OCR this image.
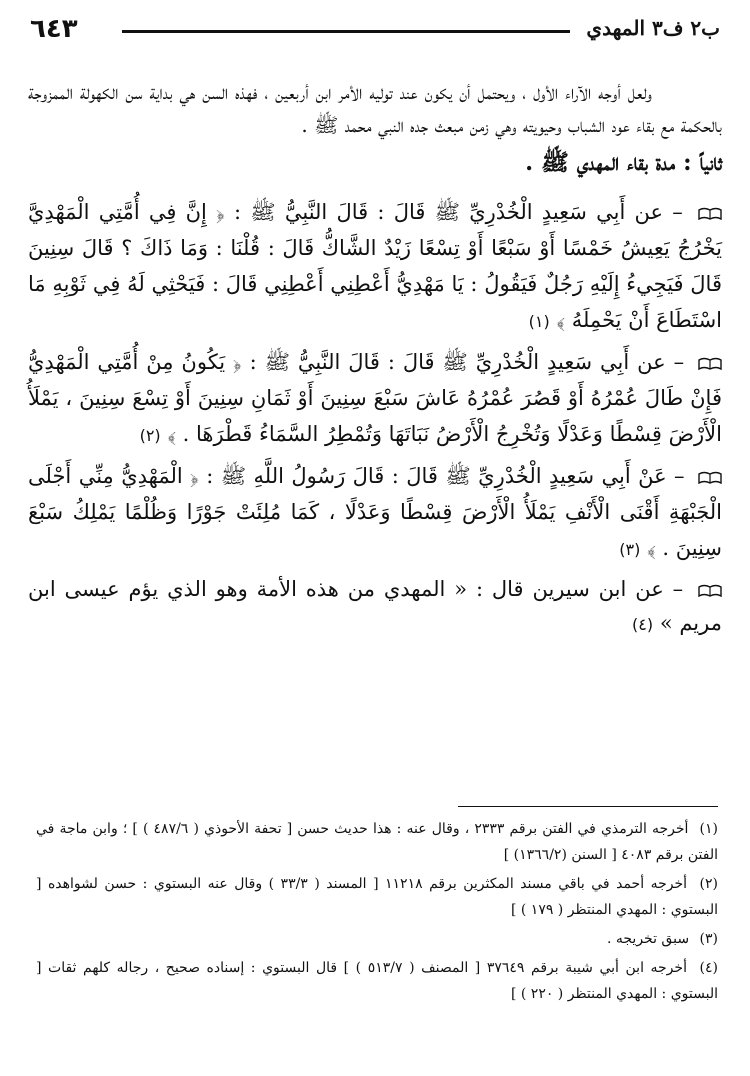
ب٢ ف٣ المهدي
٦٤٣

ولعل أوجه الآراء الأول ، ويحتمل أن يكون عند توليه الأمر ابن أربعين ، فهذه السن هي بداية سن الكهولة الممزوجة بالحكمة مع بقاء عود الشباب وحيويته وهي زمن مبعث جده النبي محمد ﷺ .

ثانياً : مدة بقاء المهدي ﷺ .

– عن أَبِي سَعِيدٍ الْخُدْرِيِّ ﷺ قَالَ : قَالَ النَّبِيُّ ﷺ : ﴿ إِنَّ فِي أُمَّتِي الْمَهْدِيَّ يَخْرُجُ يَعِيشُ خَمْسًا أَوْ سَبْعًا أَوْ تِسْعًا زَيْدٌ الشَّاكُّ قَالَ : قُلْنَا : وَمَا ذَاكَ ؟ قَالَ سِنِينَ قَالَ فَيَجِيءُ إِلَيْهِ رَجُلٌ فَيَقُولُ : يَا مَهْدِيُّ أَعْطِنِي أَعْطِنِي قَالَ : فَيَحْثِي لَهُ فِي ثَوْبِهِ مَا اسْتَطَاعَ أَنْ يَحْمِلَهُ ﴾ (١)

– عن أَبِي سَعِيدٍ الْخُدْرِيِّ ﷺ قَالَ : قَالَ النَّبِيُّ ﷺ : ﴿ يَكُونُ مِنْ أُمَّتِي الْمَهْدِيُّ فَإِنْ طَالَ عُمْرُهُ أَوْ قَصُرَ عُمْرُهُ عَاشَ سَبْعَ سِنِينَ أَوْ ثَمَانِ سِنِينَ أَوْ تِسْعَ سِنِينَ ، يَمْلَأُ الْأَرْضَ قِسْطًا وَعَدْلًا وَتُخْرِجُ الْأَرْضُ نَبَاتَهَا وَتُمْطِرُ السَّمَاءُ قَطْرَهَا . ﴾ (٢)

– عَنْ أَبِي سَعِيدٍ الْخُدْرِيِّ ﷺ قَالَ : قَالَ رَسُولُ اللَّهِ ﷺ : ﴿ الْمَهْدِيُّ مِنِّي أَجْلَى الْجَبْهَةِ أَقْنَى الْأَنْفِ يَمْلَأُ الْأَرْضَ قِسْطًا وَعَدْلًا ، كَمَا مُلِئَتْ جَوْرًا وَظُلْمًا يَمْلِكُ سَبْعَ سِنِينَ . ﴾ (٣)

– عن ابن سيرين قال : « المهدي من هذه الأمة وهو الذي يؤم عيسى ابن مريم » (٤)

(١) أخرجه الترمذي في الفتن برقم ٢٣٣٣ ، وقال عنه : هذا حديث حسن [ تحفة الأحوذي ( ٤٨٧/٦ ) ] ؛ وابن ماجة في الفتن برقم ٤٠٨٣ [ السنن (١٣٦٦/٢) ]

(٢) أخرجه أحمد في باقي مسند المكثرين برقم ١١٢١٨ [ المسند ( ٣٣/٣ ) وقال عنه البستوي : حسن لشواهده [ البستوي : المهدي المنتظر ( ١٧٩ ) ]

(٣) سبق تخريجه .

(٤) أخرجه ابن أبي شيبة برقم ٣٧٦٤٩ [ المصنف ( ٥١٣/٧ ) ] قال البستوي : إسناده صحيح ، رجاله كلهم ثقات [ البستوي : المهدي المنتظر ( ٢٢٠ ) ]
